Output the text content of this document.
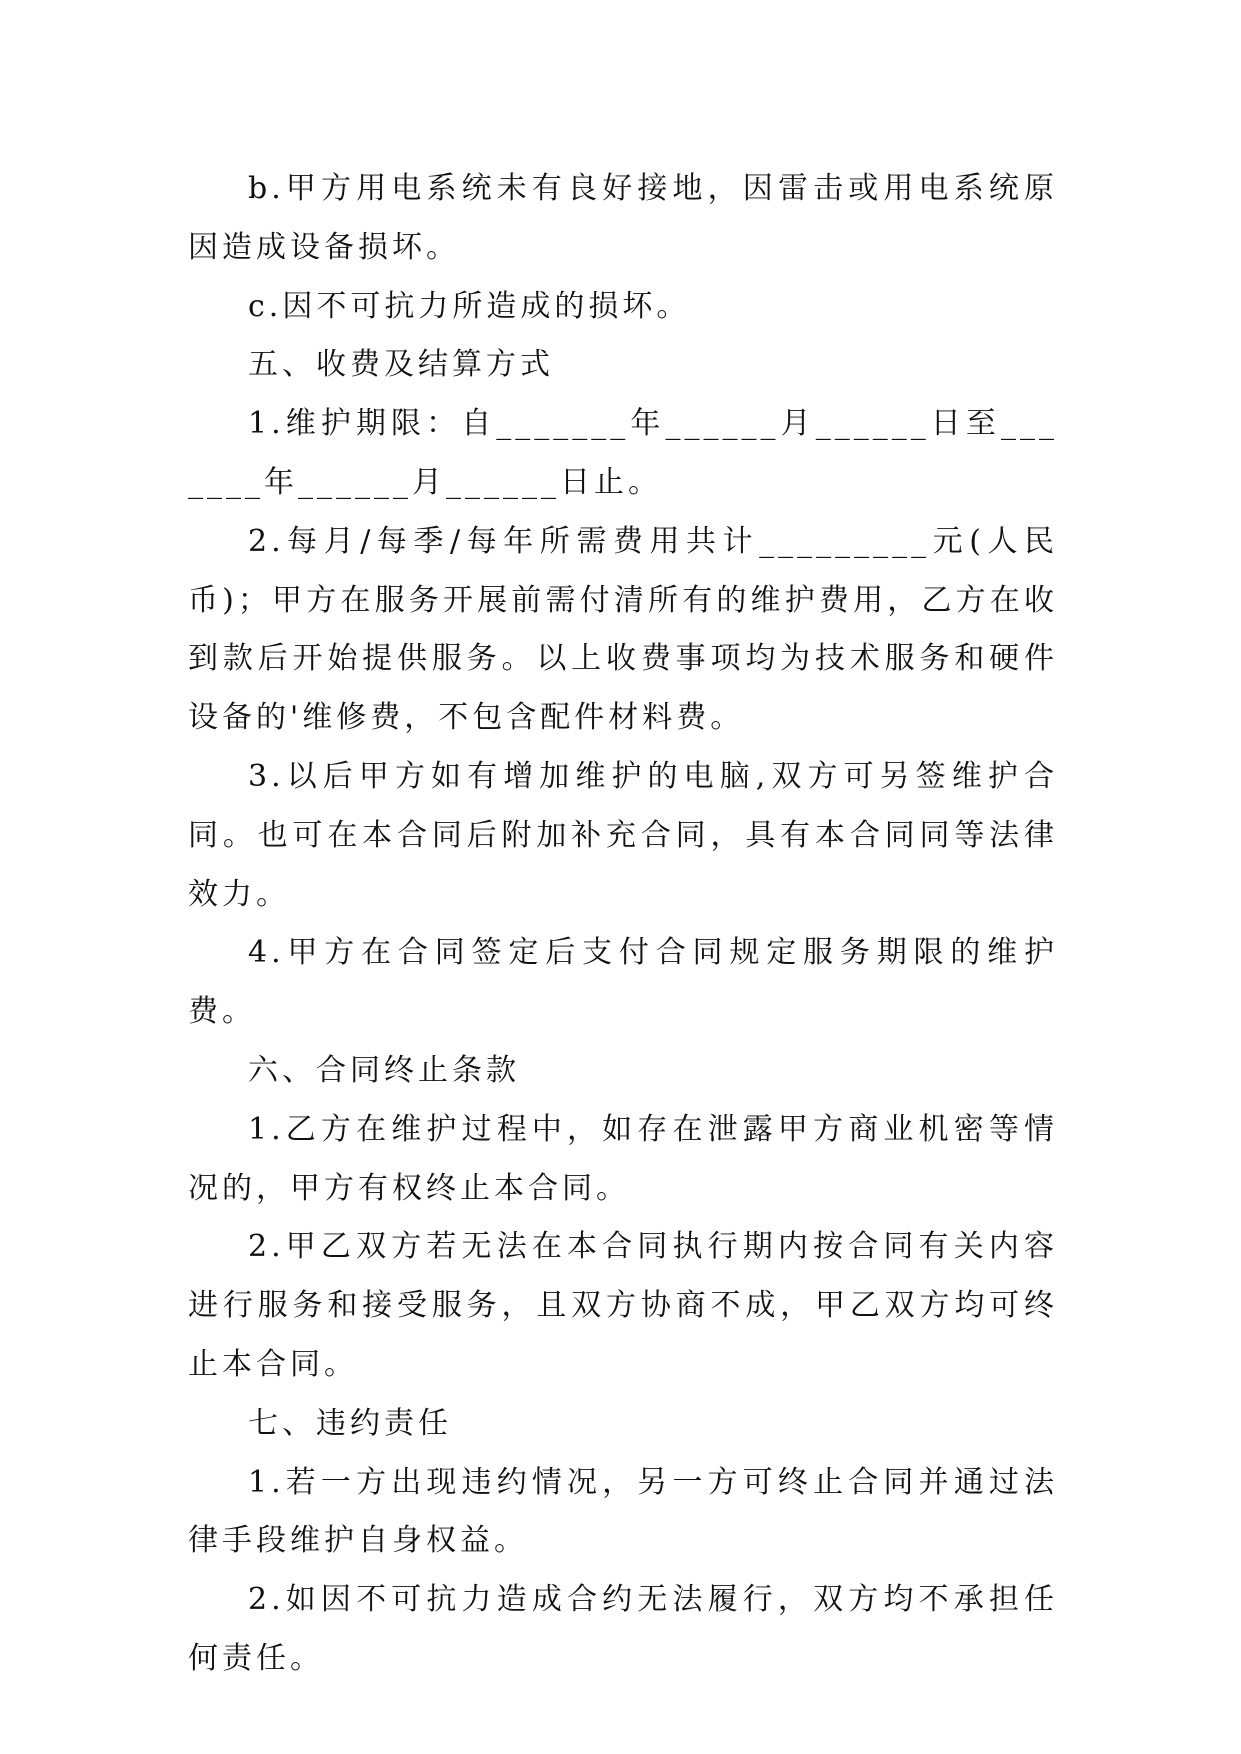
b.甲方用电系统未有良好接地，因雷击或用电系统原因造成设备损坏。

c.因不可抗力所造成的损坏。

五、收费及结算方式

1.维护期限：自_______年______月______日至_______年______月______日止。

2.每月/每季/每年所需费用共计_________元(人民币)；甲方在服务开展前需付清所有的维护费用，乙方在收到款后开始提供服务。以上收费事项均为技术服务和硬件设备的'维修费，不包含配件材料费。

3.以后甲方如有增加维护的电脑,双方可另签维护合同。也可在本合同后附加补充合同，具有本合同同等法律效力。

4.甲方在合同签定后支付合同规定服务期限的维护费。

六、合同终止条款

1.乙方在维护过程中，如存在泄露甲方商业机密等情况的，甲方有权终止本合同。

2.甲乙双方若无法在本合同执行期内按合同有关内容进行服务和接受服务，且双方协商不成，甲乙双方均可终止本合同。

七、违约责任

1.若一方出现违约情况，另一方可终止合同并通过法律手段维护自身权益。

2.如因不可抗力造成合约无法履行，双方均不承担任何责任。
